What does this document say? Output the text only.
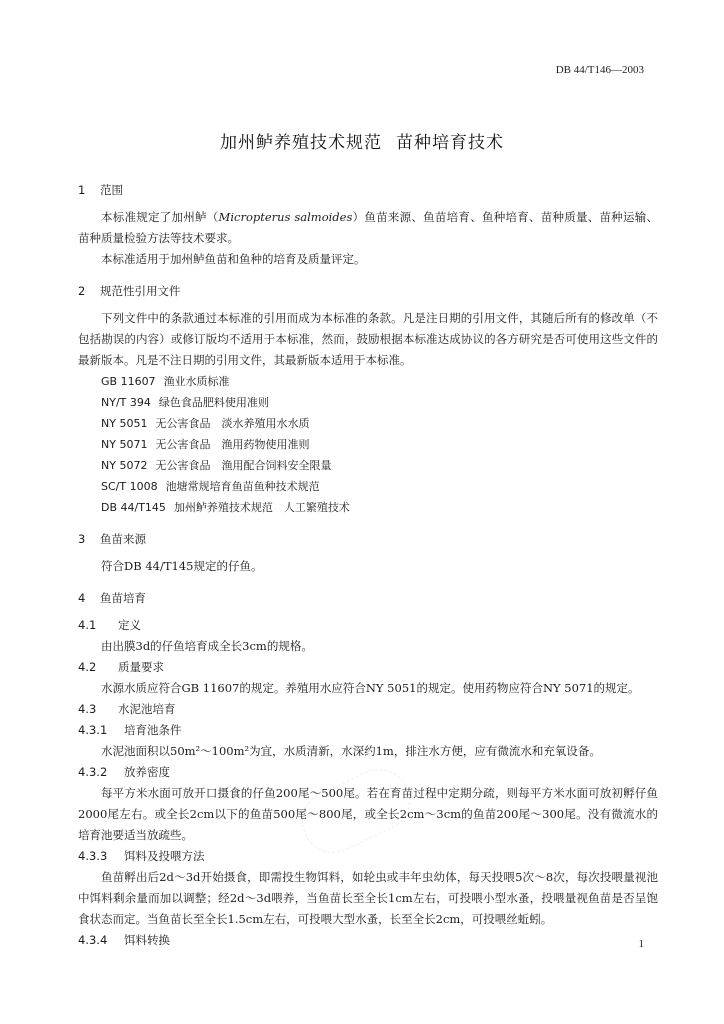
DB 44/T146—2003
加州鲈养殖技术规范 苗种培育技术

1 范围

本标准规定了加州鲈（Micropterus salmoides）鱼苗来源、鱼苗培育、鱼种培育、苗种质量、苗种运输、苗种质量检验方法等技术要求。

本标准适用于加州鲈鱼苗和鱼种的培育及质量评定。

2 规范性引用文件

下列文件中的条款通过本标准的引用而成为本标准的条款。凡是注日期的引用文件，其随后所有的修改单（不包括勘误的内容）或修订版均不适用于本标准，然而，鼓励根据本标准达成协议的各方研究是否可使用这些文件的最新版本。凡是不注日期的引用文件，其最新版本适用于本标准。

GB 11607 渔业水质标准

NY/T 394 绿色食品肥料使用准则

NY 5051 无公害食品　淡水养殖用水水质

NY 5071 无公害食品　渔用药物使用准则

NY 5072 无公害食品　渔用配合饲料安全限量

SC/T 1008 池塘常规培育鱼苗鱼种技术规范

DB 44/T145 加州鲈养殖技术规范　人工繁殖技术

3 鱼苗来源

符合DB 44/T145规定的仔鱼。

4 鱼苗培育

4.1 定义

由出膜3d的仔鱼培育成全长3cm的规格。

4.2 质量要求

水源水质应符合GB 11607的规定。养殖用水应符合NY 5051的规定。使用药物应符合NY 5071的规定。

4.3 水泥池培育

4.3.1 培育池条件

水泥池面积以50m²～100m²为宜，水质清新，水深约1m，排注水方便，应有微流水和充氧设备。

4.3.2 放养密度

每平方米水面可放开口摄食的仔鱼200尾～500尾。若在育苗过程中定期分疏，则每平方米水面可放初孵仔鱼2000尾左右。或全长2cm以下的鱼苗500尾～800尾，或全长2cm～3cm的鱼苗200尾～300尾。没有微流水的培育池要适当放疏些。

4.3.3 饵料及投喂方法

鱼苗孵出后2d～3d开始摄食，即需投生物饵料，如轮虫或丰年虫幼体，每天投喂5次～8次，每次投喂量视池中饵料剩余量而加以调整；经2d～3d喂养，当鱼苗长至全长1cm左右，可投喂小型水蚤，投喂量视鱼苗是否呈饱食状态而定。当鱼苗长至全长1.5cm左右，可投喂大型水蚤，长至全长2cm，可投喂丝蚯蚓。

4.3.4 饵料转换	1
